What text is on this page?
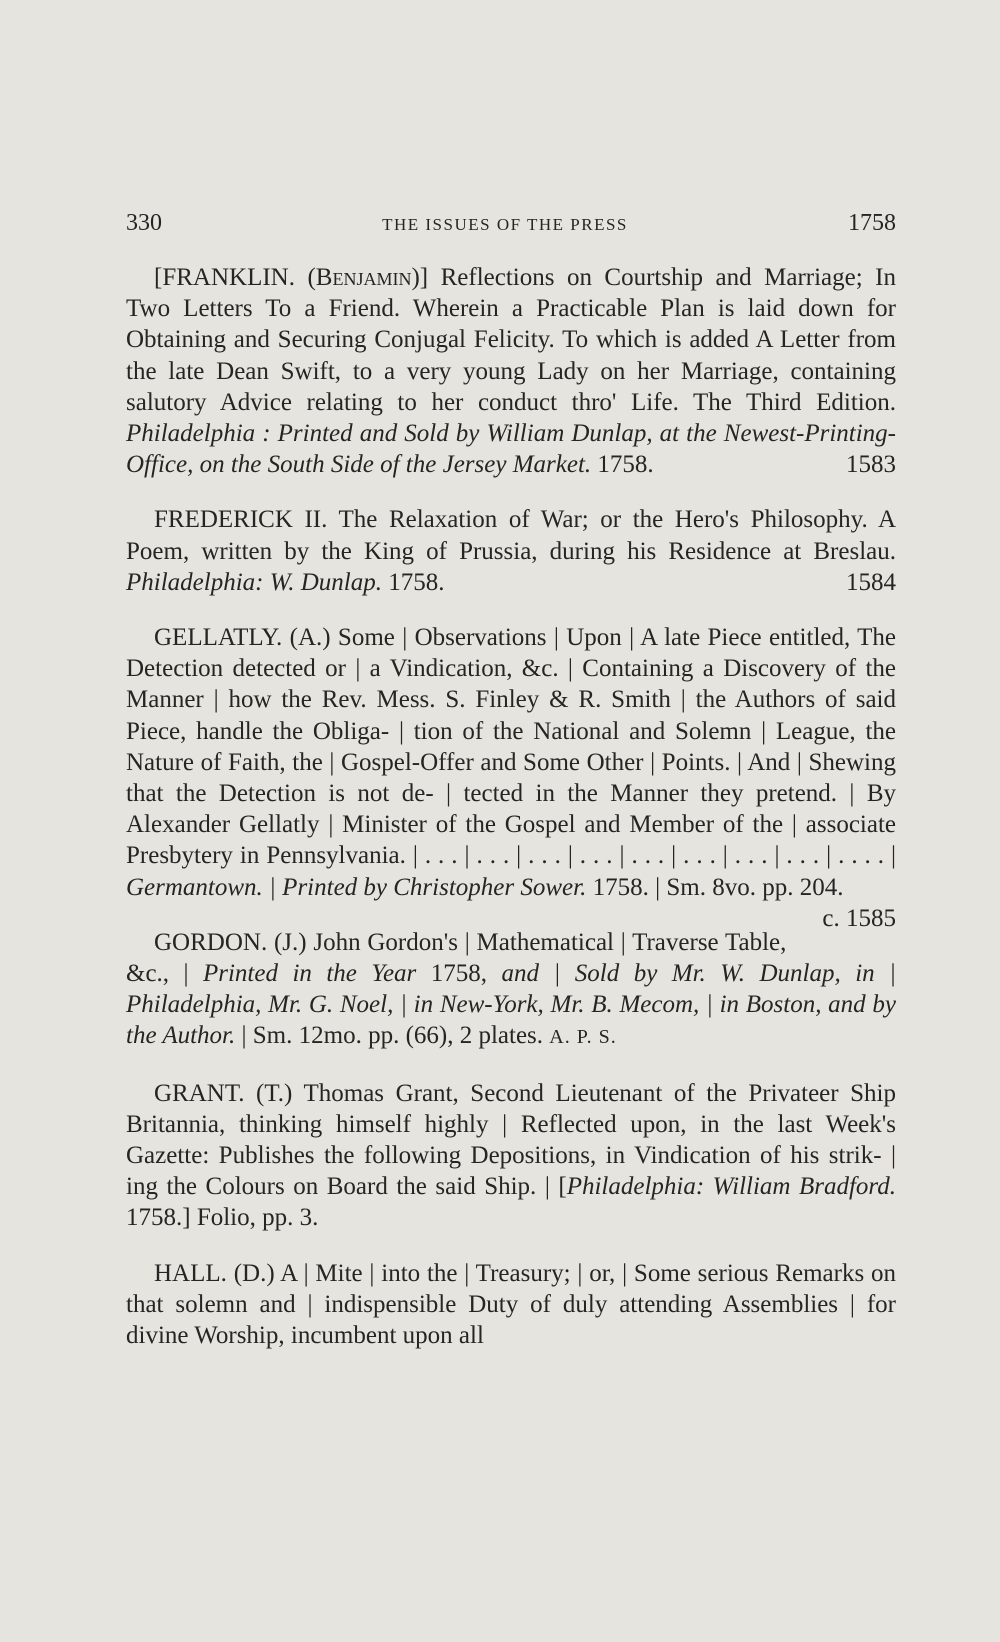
330	THE ISSUES OF THE PRESS	1758

[FRANKLIN. (Benjamin)] Reflections on Courtship and Marriage; In Two Letters To a Friend. Wherein a Practicable Plan is laid down for Obtaining and Securing Conjugal Felicity. To which is added A Letter from the late Dean Swift, to a very young Lady on her Marriage, containing salutory Advice relating to her conduct thro' Life. The Third Edition. Philadelphia : Printed and Sold by William Dunlap, at the Newest-Printing-Office, on the South Side of the Jersey Market. 1758.	1583

FREDERICK II. The Relaxation of War; or the Hero's Philosophy. A Poem, written by the King of Prussia, during his Residence at Breslau. Philadelphia: W. Dunlap. 1758.	1584

GELLATLY. (A.) Some | Observations | Upon | A late Piece entitled, The Detection detected or | a Vindication, &c. | Containing a Discovery of the Manner | how the Rev. Mess. S. Finley & R. Smith | the Authors of said Piece, handle the Obliga- | tion of the National and Solemn | League, the Nature of Faith, the | Gospel-Offer and Some Other | Points. | And | Shewing that the Detection is not de- | tected in the Manner they pretend. | By Alexander Gellatly | Minister of the Gospel and Member of the | associate Presbytery in Pennsylvania. | . . . | . . . | . . . | . . . | . . . | . . . | . . . | . . . | . . . . | Germantown. | Printed by Christopher Sower. 1758. | Sm. 8vo. pp. 204.
c. 1585

GORDON. (J.) John Gordon's | Mathematical | Traverse Table, &c., | Printed in the Year 1758, and | Sold by Mr. W. Dunlap, in | Philadelphia, Mr. G. Noel, | in New-York, Mr. B. Mecom, | in Boston, and by the Author. | Sm. 12mo. pp. (66), 2 plates. A. P. S.

GRANT. (T.) Thomas Grant, Second Lieutenant of the Privateer Ship Britannia, thinking himself highly | Reflected upon, in the last Week's Gazette: Publishes the following Depositions, in Vindication of his strik- | ing the Colours on Board the said Ship. | [Philadelphia: William Bradford. 1758.] Folio, pp. 3.

HALL. (D.) A | Mite | into the | Treasury; | or, | Some serious Remarks on that solemn and | indispensible Duty of duly attending Assemblies | for divine Worship, incumbent upon all
